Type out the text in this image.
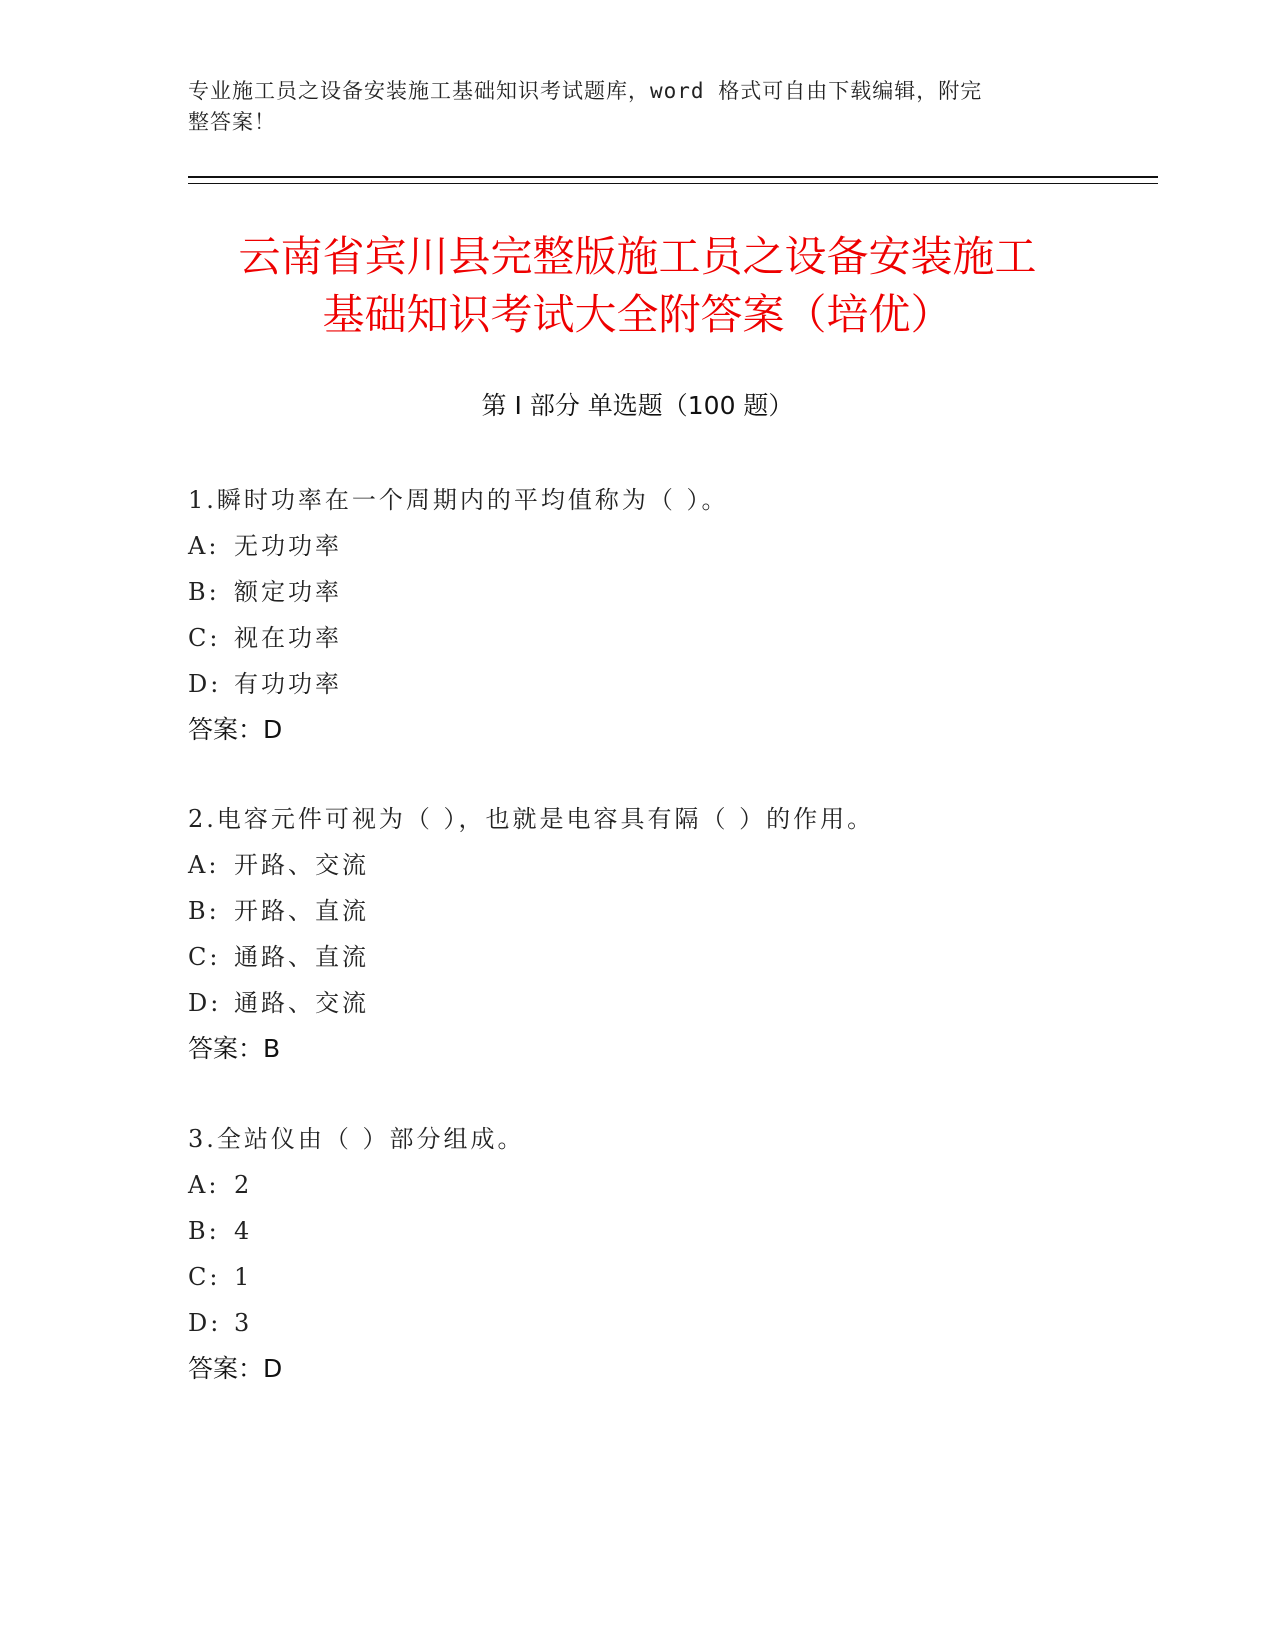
专业施工员之设备安装施工基础知识考试题库，word 格式可自由下载编辑，附完
整答案！
云南省宾川县完整版施工员之设备安装施工
基础知识考试大全附答案（培优）
第 I 部分 单选题（100 题）
1.瞬时功率在一个周期内的平均值称为（ ）。
A: 无功功率
B: 额定功率
C: 视在功率
D: 有功功率
答案：D
2.电容元件可视为（ ），也就是电容具有隔（ ）的作用。
A: 开路、交流
B: 开路、直流
C: 通路、直流
D: 通路、交流
答案：B
3.全站仪由（ ）部分组成。
A: 2
B: 4
C: 1
D: 3
答案：D
